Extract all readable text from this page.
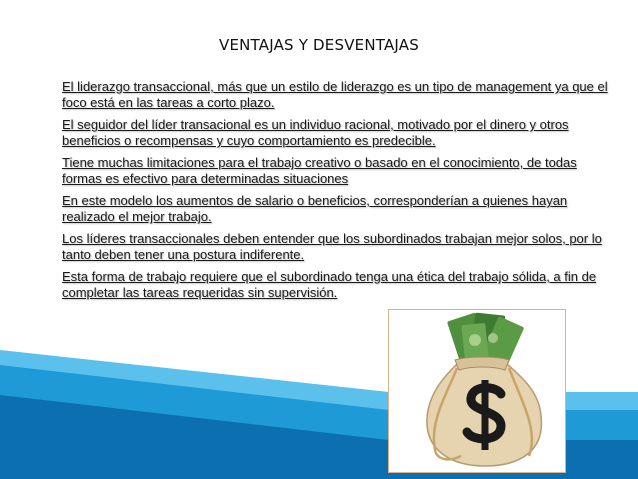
VENTAJAS Y DESVENTAJAS

El liderazgo transaccional, más que un estilo de liderazgo es un tipo de management ya que el foco está en las tareas a corto plazo.

El seguidor del líder transacional es un individuo racional, motivado por el dinero y otros beneficios o recompensas y cuyo comportamiento es predecible.

Tiene muchas limitaciones para el trabajo creativo o basado en el conocimiento, de todas formas es efectivo para determinadas situaciones

En este modelo los aumentos de salario o beneficios, corresponderían a quienes hayan realizado el mejor trabajo.

Los líderes transaccionales deben entender que los subordinados trabajan mejor solos, por lo tanto deben tener una postura indiferente.

Esta forma de trabajo requiere que el subordinado tenga una ética del trabajo sólida, a fin de completar las tareas requeridas sin supervisión.
